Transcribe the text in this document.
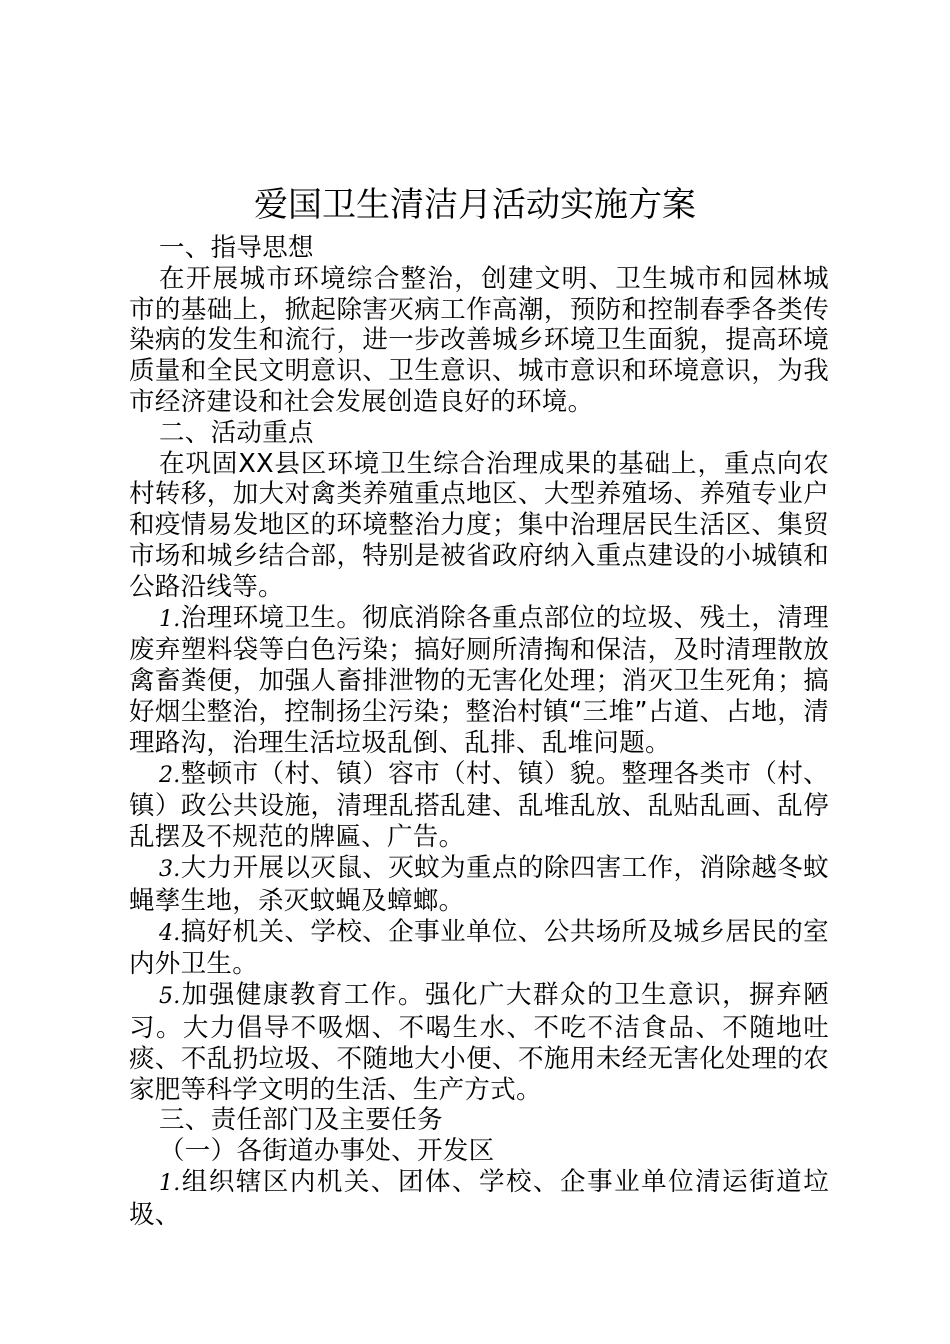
爱国卫生清洁月活动实施方案

一、指导思想

在开展城市环境综合整治，创建文明、卫生城市和园林城市的基础上，掀起除害灭病工作高潮，预防和控制春季各类传染病的发生和流行，进一步改善城乡环境卫生面貌，提高环境质量和全民文明意识、卫生意识、城市意识和环境意识，为我市经济建设和社会发展创造良好的环境。

二、活动重点

在巩固XX县区环境卫生综合治理成果的基础上，重点向农村转移，加大对禽类养殖重点地区、大型养殖场、养殖专业户和疫情易发地区的环境整治力度；集中治理居民生活区、集贸市场和城乡结合部，特别是被省政府纳入重点建设的小城镇和公路沿线等。

1.治理环境卫生。彻底消除各重点部位的垃圾、残土，清理废弃塑料袋等白色污染；搞好厕所清掏和保洁，及时清理散放禽畜粪便，加强人畜排泄物的无害化处理；消灭卫生死角；搞好烟尘整治，控制扬尘污染；整治村镇“三堆”占道、占地，清理路沟，治理生活垃圾乱倒、乱排、乱堆问题。

2.整顿市（村、镇）容市（村、镇）貌。整理各类市（村、镇）政公共设施，清理乱搭乱建、乱堆乱放、乱贴乱画、乱停乱摆及不规范的牌匾、广告。

3.大力开展以灭鼠、灭蚊为重点的除四害工作，消除越冬蚊蝇孳生地，杀灭蚊蝇及蟑螂。

4.搞好机关、学校、企事业单位、公共场所及城乡居民的室内外卫生。

5.加强健康教育工作。强化广大群众的卫生意识，摒弃陋习。大力倡导不吸烟、不喝生水、不吃不洁食品、不随地吐痰、不乱扔垃圾、不随地大小便、不施用未经无害化处理的农家肥等科学文明的生活、生产方式。

三、责任部门及主要任务

（一）各街道办事处、开发区

1.组织辖区内机关、团体、学校、企事业单位清运街道垃圾、
